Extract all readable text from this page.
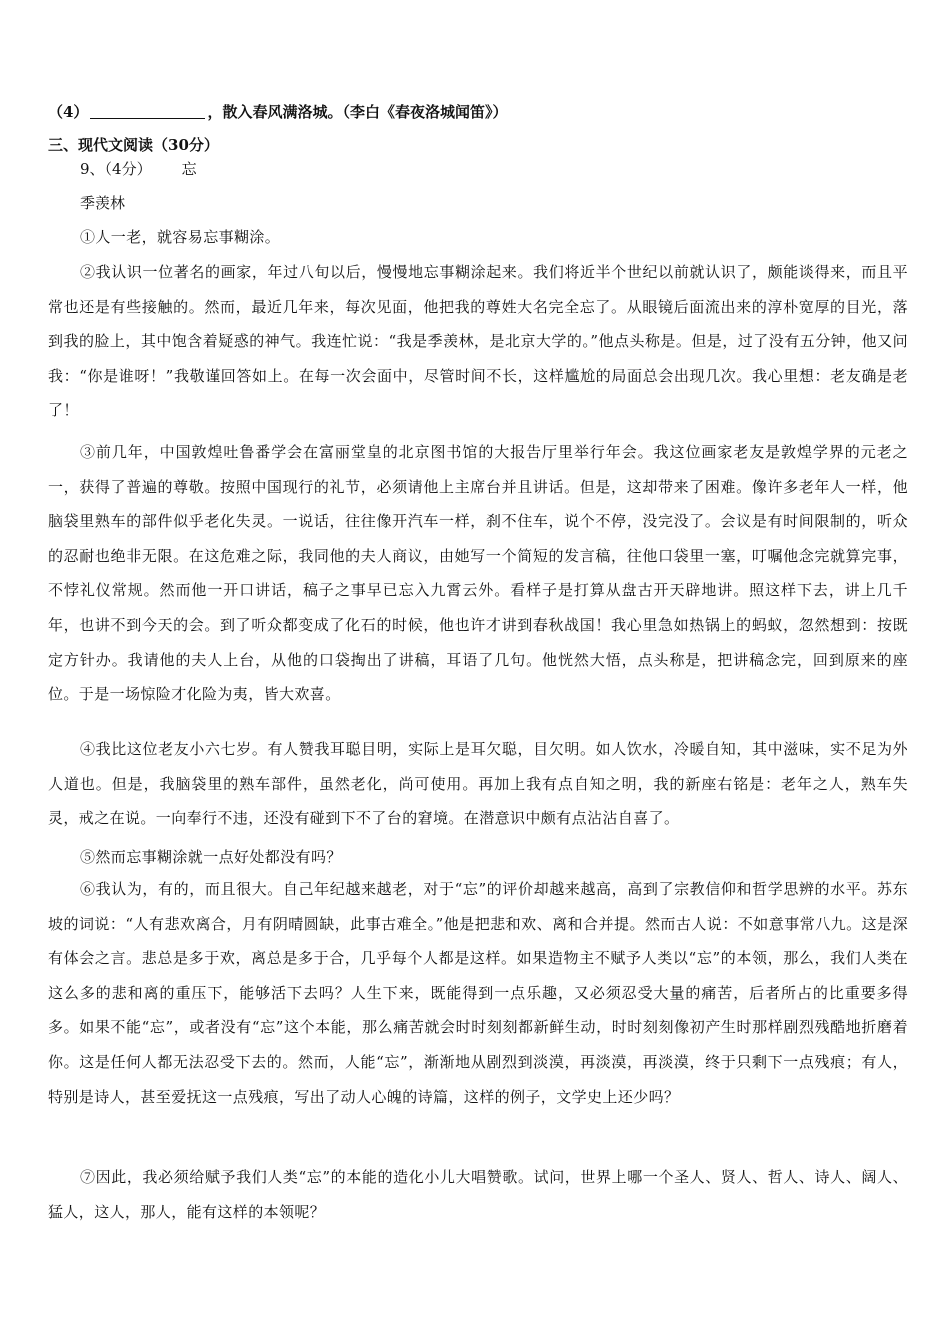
（4）	，散入春风满洛城。（李白《春夜洛城闻笛》）
三、现代文阅读（30分）
9、（4分） 忘
季羡林

①人一老，就容易忘事糊涂。

②我认识一位著名的画家，年过八旬以后，慢慢地忘事糊涂起来。我们将近半个世纪以前就认识了，颇能谈得来，而且平常也还是有些接触的。然而，最近几年来，每次见面，他把我的尊姓大名完全忘了。从眼镜后面流出来的淳朴宽厚的目光，落到我的脸上，其中饱含着疑惑的神气。我连忙说：“我是季羡林，是北京大学的。”他点头称是。但是，过了没有五分钟，他又问我：“你是谁呀！”我敬谨回答如上。在每一次会面中，尽管时间不长，这样尴尬的局面总会出现几次。我心里想：老友确是老了！

③前几年，中国敦煌吐鲁番学会在富丽堂皇的北京图书馆的大报告厅里举行年会。我这位画家老友是敦煌学界的元老之一，获得了普遍的尊敬。按照中国现行的礼节，必须请他上主席台并且讲话。但是，这却带来了困难。像许多老年人一样，他脑袋里熟车的部件似乎老化失灵。一说话，往往像开汽车一样，刹不住车，说个不停，没完没了。会议是有时间限制的，听众的忍耐也绝非无限。在这危难之际，我同他的夫人商议，由她写一个简短的发言稿，往他口袋里一塞，叮嘱他念完就算完事，不悖礼仪常规。然而他一开口讲话，稿子之事早已忘入九霄云外。看样子是打算从盘古开天辟地讲。照这样下去，讲上几千年，也讲不到今天的会。到了听众都变成了化石的时候，他也许才讲到春秋战国！我心里急如热锅上的蚂蚁，忽然想到：按既定方针办。我请他的夫人上台，从他的口袋掏出了讲稿，耳语了几句。他恍然大悟，点头称是，把讲稿念完，回到原来的座位。于是一场惊险才化险为夷，皆大欢喜。

④我比这位老友小六七岁。有人赞我耳聪目明，实际上是耳欠聪，目欠明。如人饮水，冷暖自知，其中滋味，实不足为外人道也。但是，我脑袋里的熟车部件，虽然老化，尚可使用。再加上我有点自知之明，我的新座右铭是：老年之人，熟车失灵，戒之在说。一向奉行不违，还没有碰到下不了台的窘境。在潜意识中颇有点沾沾自喜了。

⑤然而忘事糊涂就一点好处都没有吗？

⑥我认为，有的，而且很大。自己年纪越来越老，对于“忘”的评价却越来越高，高到了宗教信仰和哲学思辨的水平。苏东坡的词说：“人有悲欢离合，月有阴晴圆缺，此事古难全。”他是把悲和欢、离和合并提。然而古人说：不如意事常八九。这是深有体会之言。悲总是多于欢，离总是多于合，几乎每个人都是这样。如果造物主不赋予人类以“忘”的本领，那么，我们人类在这么多的悲和离的重压下，能够活下去吗？人生下来，既能得到一点乐趣，又必须忍受大量的痛苦，后者所占的比重要多得多。如果不能“忘”，或者没有“忘”这个本能，那么痛苦就会时时刻刻都新鲜生动，时时刻刻像初产生时那样剧烈残酷地折磨着你。这是任何人都无法忍受下去的。然而，人能“忘”，渐渐地从剧烈到淡漠，再淡漠，再淡漠，终于只剩下一点残痕；有人，特别是诗人，甚至爱抚这一点残痕，写出了动人心魄的诗篇，这样的例子，文学史上还少吗？

⑦因此，我必须给赋予我们人类“忘”的本能的造化小儿大唱赞歌。试问，世界上哪一个圣人、贤人、哲人、诗人、阔人、猛人，这人，那人，能有这样的本领呢？
